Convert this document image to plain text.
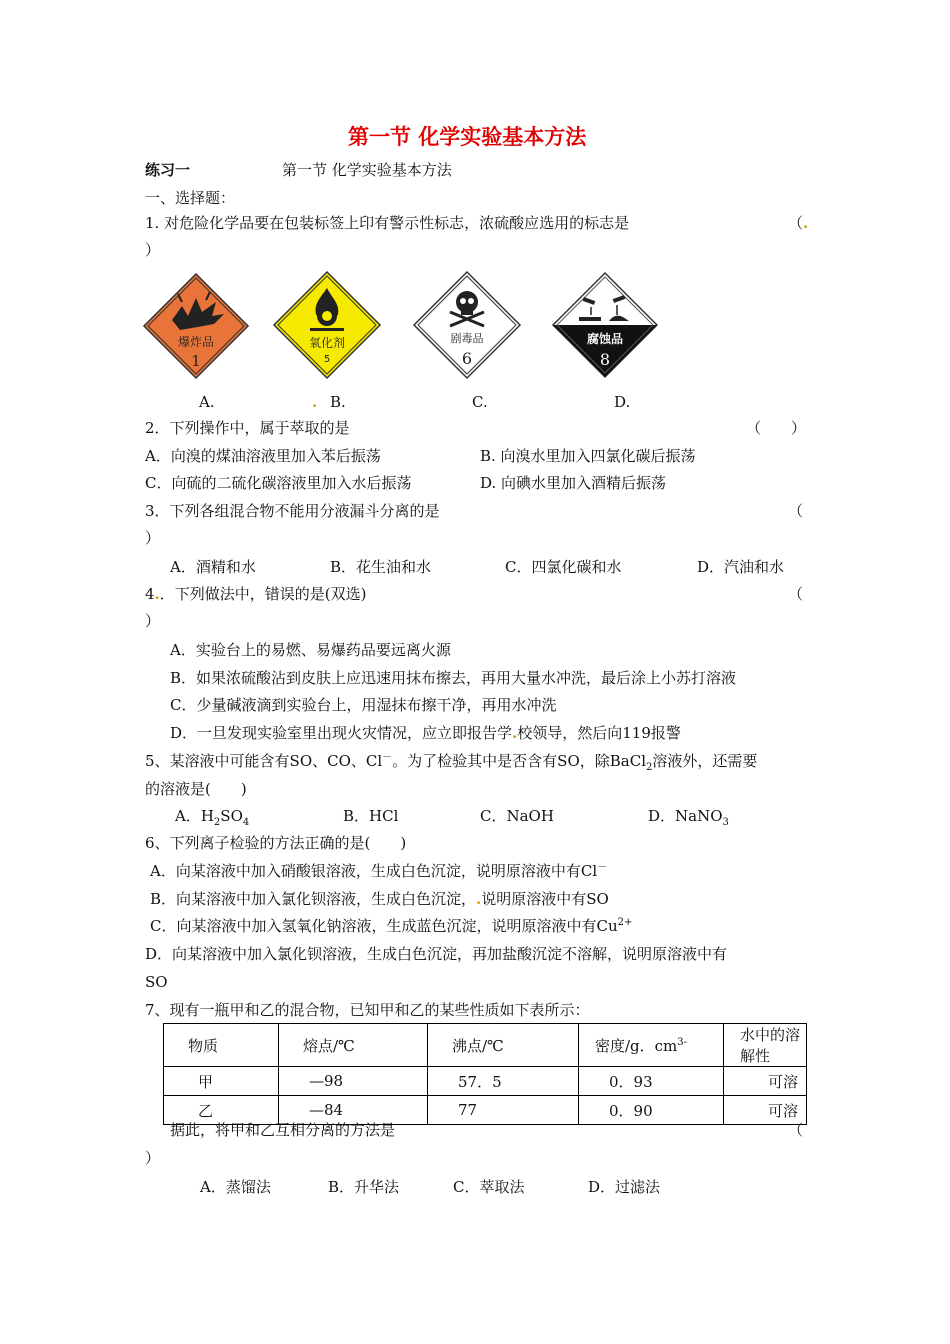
第一节 化学实验基本方法
练习一	第一节 化学实验基本方法
一、选择题：
1. 对危险化学品要在包装标签上印有警示性标志，浓硫酸应选用的标志是	（ .
）
爆炸品
1
氧化剂
5
剧毒品
6
腐蚀品
8
A.	. B.	C.	D.
2．下列操作中，属于萃取的是	（　　）
A．向溴的煤油溶液里加入苯后振荡	B. 向溴水里加入四氯化碳后振荡
C．向硫的二硫化碳溶液里加入水后振荡	D. 向碘水里加入酒精后振荡
3．下列各组混合物不能用分液漏斗分离的是	（
）
A．酒精和水	B．花生油和水	C．四氯化碳和水	D．汽油和水
4.．下列做法中，错误的是(双选)	（
）
A．实验台上的易燃、易爆药品要远离火源
B．如果浓硫酸沾到皮肤上应迅速用抹布擦去，再用大量水冲洗，最后涂上小苏打溶液
C．少量碱液滴到实验台上，用湿抹布擦干净，再用水冲洗
D．一旦发现实验室里出现火灾情况，应立即报告学.校领导，然后向119报警
5、某溶液中可能含有SO、CO、Cl－。为了检验其中是否含有SO，除BaCl$_2$溶液外，还需要
的溶液是(　　)
A．$H_2SO_4$	B．HCl	C．NaOH	D．NaNO$_3$
6、下列离子检验的方法正确的是(　　)
A．向某溶液中加入硝酸银溶液，生成白色沉淀，说明原溶液中有Cl－
B．向某溶液中加入氯化钡溶液，生成白色沉淀，.说明原溶液中有SO
C．向某溶液中加入氢氧化钠溶液，生成蓝色沉淀，说明原溶液中有$Cu^{2+}$
D．向某溶液中加入氯化钡溶液，生成白色沉淀，再加盐酸沉淀不溶解，说明原溶液中有
SO
7、现有一瓶甲和乙的混合物，已知甲和乙的某些性质如下表所示：
物质	熔点/℃	沸点/℃	密度/g．$cm^{3-}$	水中的溶解性
甲	—98	57．5	0．93	可溶
乙	—84	77	0．90	可溶
据此，将甲和乙互相分离的方法是	（
）
A．蒸馏法	B．升华法	C．萃取法	D．过滤法
